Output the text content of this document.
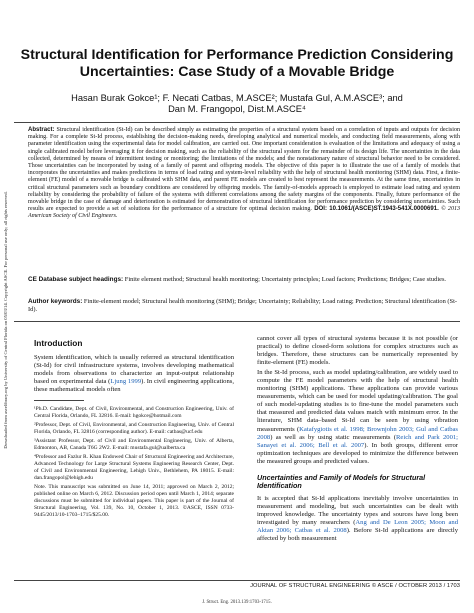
Downloaded from ascelibrary.org by University of Central Florida on 05/03/14. Copyright ASCE. For personal use only; all rights reserved.
Structural Identification for Performance Prediction Considering Uncertainties: Case Study of a Movable Bridge
Hasan Burak Gokce¹; F. Necati Catbas, M.ASCE²; Mustafa Gul, A.M.ASCE³; and
Dan M. Frangopol, Dist.M.ASCE⁴
Abstract: Structural identification (St-Id) can be described simply as estimating the properties of a structural system based on a correlation of inputs and outputs for decision making. For a complete St-Id process, establishing the decision-making needs, developing analytical and numerical models, and conducting field measurements, along with parameter identification using the experimental data for model calibration, are carried out. One important consideration is evaluation of the limitations and adequacy of using a single calibrated model before leveraging it for decision making, such as the reliability of the structural system for the remainder of its design life. The uncertainties in the data collected, determined by means of intermittent testing or monitoring; the limitations of the models; and the nonstationary nature of structural behavior need to be considered. Those uncertainties can be incorporated by using of a family of parent and offspring models. The objective of this paper is to illustrate the use of a family of models that incorporates the uncertainties and makes predictions in terms of load rating and system-level reliability with the help of structural health monitoring (SHM) data. First, a finite-element (FE) model of a movable bridge is calibrated with SHM data, and parent FE models are created to best represent the measurements. At the same time, uncertainties in critical structural parameters such as boundary conditions are considered by offspring models. The family-of-models approach is employed to estimate load rating and system reliability by considering the probability of failure of the systems with different correlations among the safety margins of the components. Finally, future performance of the movable bridge in the case of damage and deterioration is estimated for demonstration of structural identification for performance prediction by considering uncertainties. Such results are expected to provide a set of solutions for the performance of a structure for optimal decision making. DOI: 10.1061/(ASCE)ST.1943-541X.0000691. © 2013 American Society of Civil Engineers.
CE Database subject headings: Finite element method; Structural health monitoring; Uncertainty principles; Load factors; Predictions; Bridges; Case studies.
Author keywords: Finite-element model; Structural health monitoring (SHM); Bridge; Uncertainty; Reliability; Load rating; Prediction; Structural identification (St-Id).
Introduction

System identification, which is usually referred as structural identification (St-Id) for civil infrastructure systems, involves developing mathematical models from observations to characterize an input-output relationship based on experimental data (Ljung 1999). In civil engineering applications, these mathematical models often

¹Ph.D. Candidate, Dept. of Civil, Environmental, and Construction Engineering, Univ. of Central Florida, Orlando, FL 32816. E-mail: hgokce@hotmail.com

²Professor, Dept. of Civil, Environmental, and Construction Engineering, Univ. of Central Florida, Orlando, FL 32816 (corresponding author). E-mail: catbas@ucf.edu

³Assistant Professor, Dept. of Civil and Environmental Engineering, Univ. of Alberta, Edmonton, AB, Canada T6G 2W2. E-mail: mustafa.gul@ualberta.ca

⁴Professor and Fazlur R. Khan Endowed Chair of Structural Engineering and Architecture, Advanced Technology for Large Structural Systems Engineering Research Center, Dept. of Civil and Environmental Engineering, Lehigh Univ., Bethlehem, PA 18015. E-mail: dan.frangopol@lehigh.edu

Note. This manuscript was submitted on June 14, 2011; approved on March 2, 2012; published online on March 6, 2012. Discussion period open until March 1, 2014; separate discussions must be submitted for individual papers. This paper is part of the Journal of Structural Engineering, Vol. 139, No. 10, October 1, 2013. ©ASCE, ISSN 0733-9445/2013/10-1703–1715/$25.00.

cannot cover all types of structural systems because it is not possible (or practical) to define closed-form solutions for complex structures such as bridges. Therefore, these structures can be numerically represented by finite-element (FE) models.

In the St-Id process, such as model updating/calibration, are widely used to compute the FE model parameters with the help of structural health monitoring (SHM) applications. These applications can provide various measurements, which can be used for model updating/calibration. The goal of such model-updating studies is to fine-tune the model parameters such that measured and predicted data values match with minimum error. In the literature, SHM data–based St-Id can be seen by using vibration measurements (Katafygiotis et al. 1998; Brownjohn 2003; Gul and Catbas 2008) as well as by using static measurements (Reich and Park 2001; Sanayei et al. 2006; Bell et al. 2007). In both groups, different error optimization techniques are developed to minimize the difference between the measured groups and predicted values.

Uncertainties and Family of Models for Structural Identification

It is accepted that St-Id applications inevitably involve uncertainties in measurement and modeling, but such uncertainties can be dealt with improved knowledge. The uncertainty types and sources have long been investigated by many researchers (Ang and De Leon 2005; Moon and Aktan 2006; Catbas et al. 2008). Before St-Id applications are directly affected by both measurement

JOURNAL OF STRUCTURAL ENGINEERING © ASCE / OCTOBER 2013 / 1703
J. Struct. Eng. 2013.139:1703-1715.
